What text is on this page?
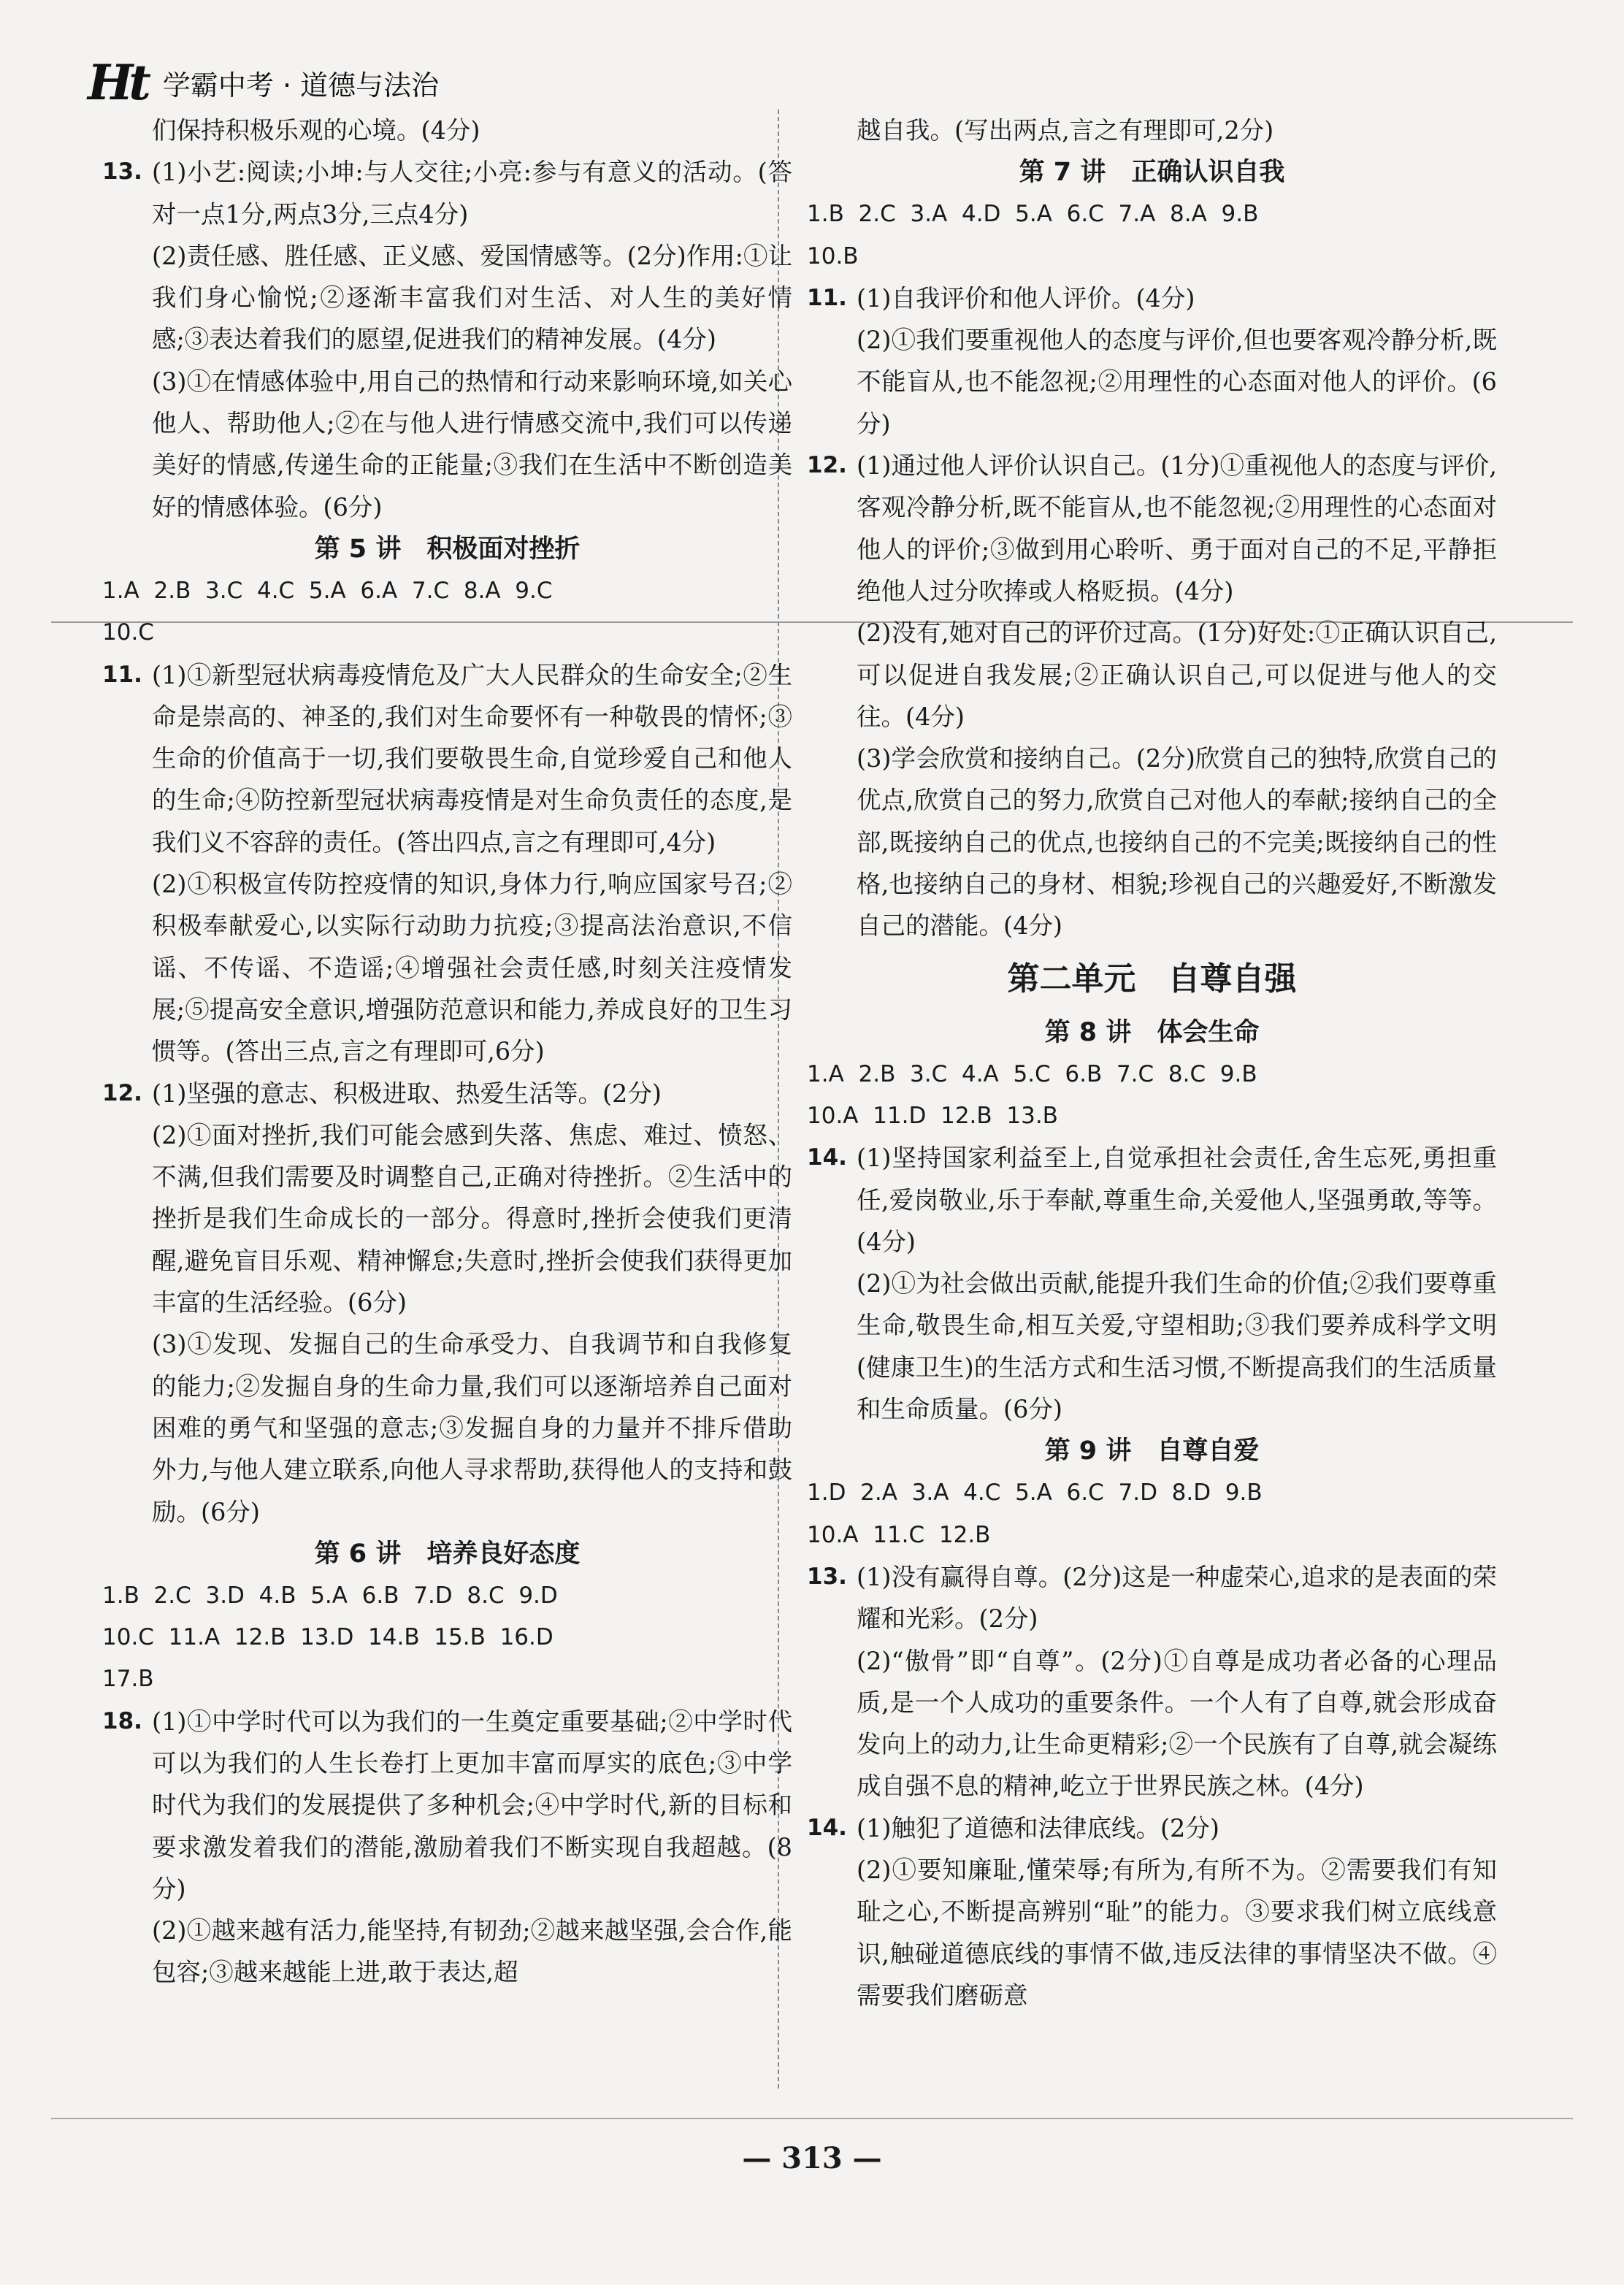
Ht 学霸中考 · 道德与法治

们保持积极乐观的心境。(4分)

13. (1)小艺:阅读;小坤:与人交往;小亮:参与有意义的活动。(答对一点1分,两点3分,三点4分)

(2)责任感、胜任感、正义感、爱国情感等。(2分)作用:①让我们身心愉悦;②逐渐丰富我们对生活、对人生的美好情感;③表达着我们的愿望,促进我们的精神发展。(4分)

(3)①在情感体验中,用自己的热情和行动来影响环境,如关心他人、帮助他人;②在与他人进行情感交流中,我们可以传递美好的情感,传递生命的正能量;③我们在生活中不断创造美好的情感体验。(6分)

第 5 讲　积极面对挫折

1.A  2.B  3.C  4.C  5.A  6.A  7.C  8.A  9.C

10.C

11. (1)①新型冠状病毒疫情危及广大人民群众的生命安全;②生命是崇高的、神圣的,我们对生命要怀有一种敬畏的情怀;③生命的价值高于一切,我们要敬畏生命,自觉珍爱自己和他人的生命;④防控新型冠状病毒疫情是对生命负责任的态度,是我们义不容辞的责任。(答出四点,言之有理即可,4分)

(2)①积极宣传防控疫情的知识,身体力行,响应国家号召;②积极奉献爱心,以实际行动助力抗疫;③提高法治意识,不信谣、不传谣、不造谣;④增强社会责任感,时刻关注疫情发展;⑤提高安全意识,增强防范意识和能力,养成良好的卫生习惯等。(答出三点,言之有理即可,6分)

12. (1)坚强的意志、积极进取、热爱生活等。(2分)

(2)①面对挫折,我们可能会感到失落、焦虑、难过、愤怒、不满,但我们需要及时调整自己,正确对待挫折。②生活中的挫折是我们生命成长的一部分。得意时,挫折会使我们更清醒,避免盲目乐观、精神懈怠;失意时,挫折会使我们获得更加丰富的生活经验。(6分)

(3)①发现、发掘自己的生命承受力、自我调节和自我修复的能力;②发掘自身的生命力量,我们可以逐渐培养自己面对困难的勇气和坚强的意志;③发掘自身的力量并不排斥借助外力,与他人建立联系,向他人寻求帮助,获得他人的支持和鼓励。(6分)

第 6 讲　培养良好态度

1.B  2.C  3.D  4.B  5.A  6.B  7.D  8.C  9.D

10.C  11.A  12.B  13.D  14.B  15.B  16.D

17.B

18. (1)①中学时代可以为我们的一生奠定重要基础;②中学时代可以为我们的人生长卷打上更加丰富而厚实的底色;③中学时代为我们的发展提供了多种机会;④中学时代,新的目标和要求激发着我们的潜能,激励着我们不断实现自我超越。(8分)

(2)①越来越有活力,能坚持,有韧劲;②越来越坚强,会合作,能包容;③越来越能上进,敢于表达,超

越自我。(写出两点,言之有理即可,2分)

第 7 讲　正确认识自我

1.B  2.C  3.A  4.D  5.A  6.C  7.A  8.A  9.B

10.B

11. (1)自我评价和他人评价。(4分)

(2)①我们要重视他人的态度与评价,但也要客观冷静分析,既不能盲从,也不能忽视;②用理性的心态面对他人的评价。(6分)

12. (1)通过他人评价认识自己。(1分)①重视他人的态度与评价,客观冷静分析,既不能盲从,也不能忽视;②用理性的心态面对他人的评价;③做到用心聆听、勇于面对自己的不足,平静拒绝他人过分吹捧或人格贬损。(4分)

(2)没有,她对自己的评价过高。(1分)好处:①正确认识自己,可以促进自我发展;②正确认识自己,可以促进与他人的交往。(4分)

(3)学会欣赏和接纳自己。(2分)欣赏自己的独特,欣赏自己的优点,欣赏自己的努力,欣赏自己对他人的奉献;接纳自己的全部,既接纳自己的优点,也接纳自己的不完美;既接纳自己的性格,也接纳自己的身材、相貌;珍视自己的兴趣爱好,不断激发自己的潜能。(4分)

第二单元　自尊自强

第 8 讲　体会生命

1.A  2.B  3.C  4.A  5.C  6.B  7.C  8.C  9.B

10.A  11.D  12.B  13.B

14. (1)坚持国家利益至上,自觉承担社会责任,舍生忘死,勇担重任,爱岗敬业,乐于奉献,尊重生命,关爱他人,坚强勇敢,等等。(4分)

(2)①为社会做出贡献,能提升我们生命的价值;②我们要尊重生命,敬畏生命,相互关爱,守望相助;③我们要养成科学文明(健康卫生)的生活方式和生活习惯,不断提高我们的生活质量和生命质量。(6分)

第 9 讲　自尊自爱

1.D  2.A  3.A  4.C  5.A  6.C  7.D  8.D  9.B

10.A  11.C  12.B

13. (1)没有赢得自尊。(2分)这是一种虚荣心,追求的是表面的荣耀和光彩。(2分)

(2)“傲骨”即“自尊”。(2分)①自尊是成功者必备的心理品质,是一个人成功的重要条件。一个人有了自尊,就会形成奋发向上的动力,让生命更精彩;②一个民族有了自尊,就会凝练成自强不息的精神,屹立于世界民族之林。(4分)

14. (1)触犯了道德和法律底线。(2分)

(2)①要知廉耻,懂荣辱;有所为,有所不为。②需要我们有知耻之心,不断提高辨别“耻”的能力。③要求我们树立底线意识,触碰道德底线的事情不做,违反法律的事情坚决不做。④需要我们磨砺意

— 313 —
